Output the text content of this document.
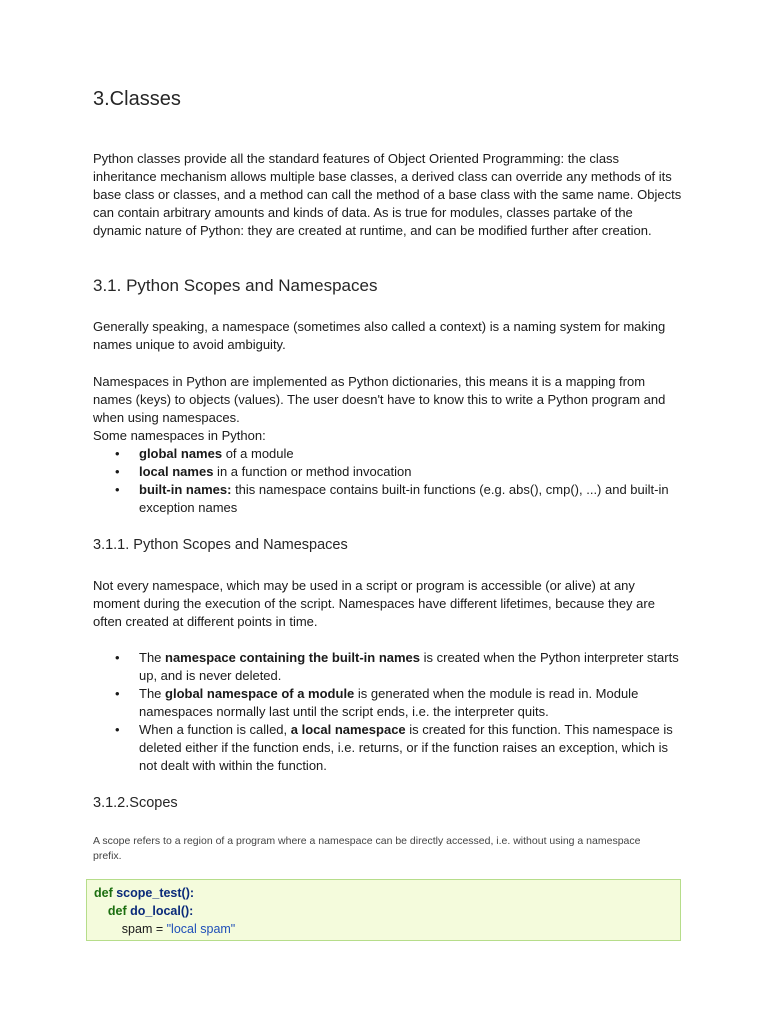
3.Classes

Python classes provide all the standard features of Object Oriented Programming: the class inheritance mechanism allows multiple base classes, a derived class can override any methods of its base class or classes, and a method can call the method of a base class with the same name. Objects can contain arbitrary amounts and kinds of data. As is true for modules, classes partake of the dynamic nature of Python: they are created at runtime, and can be modified further after creation.

3.1. Python Scopes and Namespaces

Generally speaking, a namespace (sometimes also called a context) is a naming system for making names unique to avoid ambiguity.

Namespaces in Python are implemented as Python dictionaries, this means it is a mapping from names (keys) to objects (values). The user doesn't have to know this to write a Python program and when using namespaces.

Some namespaces in Python:

• global names of a module
• local names in a function or method invocation
• built-in names: this namespace contains built-in functions (e.g. abs(), cmp(), ...) and built-in exception names
3.1.1. Python Scopes and Namespaces

Not every namespace, which may be used in a script or program is accessible (or alive) at any moment during the execution of the script. Namespaces have different lifetimes, because they are often created at different points in time.

• The namespace containing the built-in names is created when the Python interpreter starts up, and is never deleted.
• The global namespace of a module is generated when the module is read in. Module namespaces normally last until the script ends, i.e. the interpreter quits.
• When a function is called, a local namespace is created for this function. This namespace is deleted either if the function ends, i.e. returns, or if the function raises an exception, which is not dealt with within the function.
3.1.2.Scopes

A scope refers to a region of a program where a namespace can be directly accessed, i.e. without using a namespace prefix.

def scope_test():
def do_local():
spam = "local spam"
